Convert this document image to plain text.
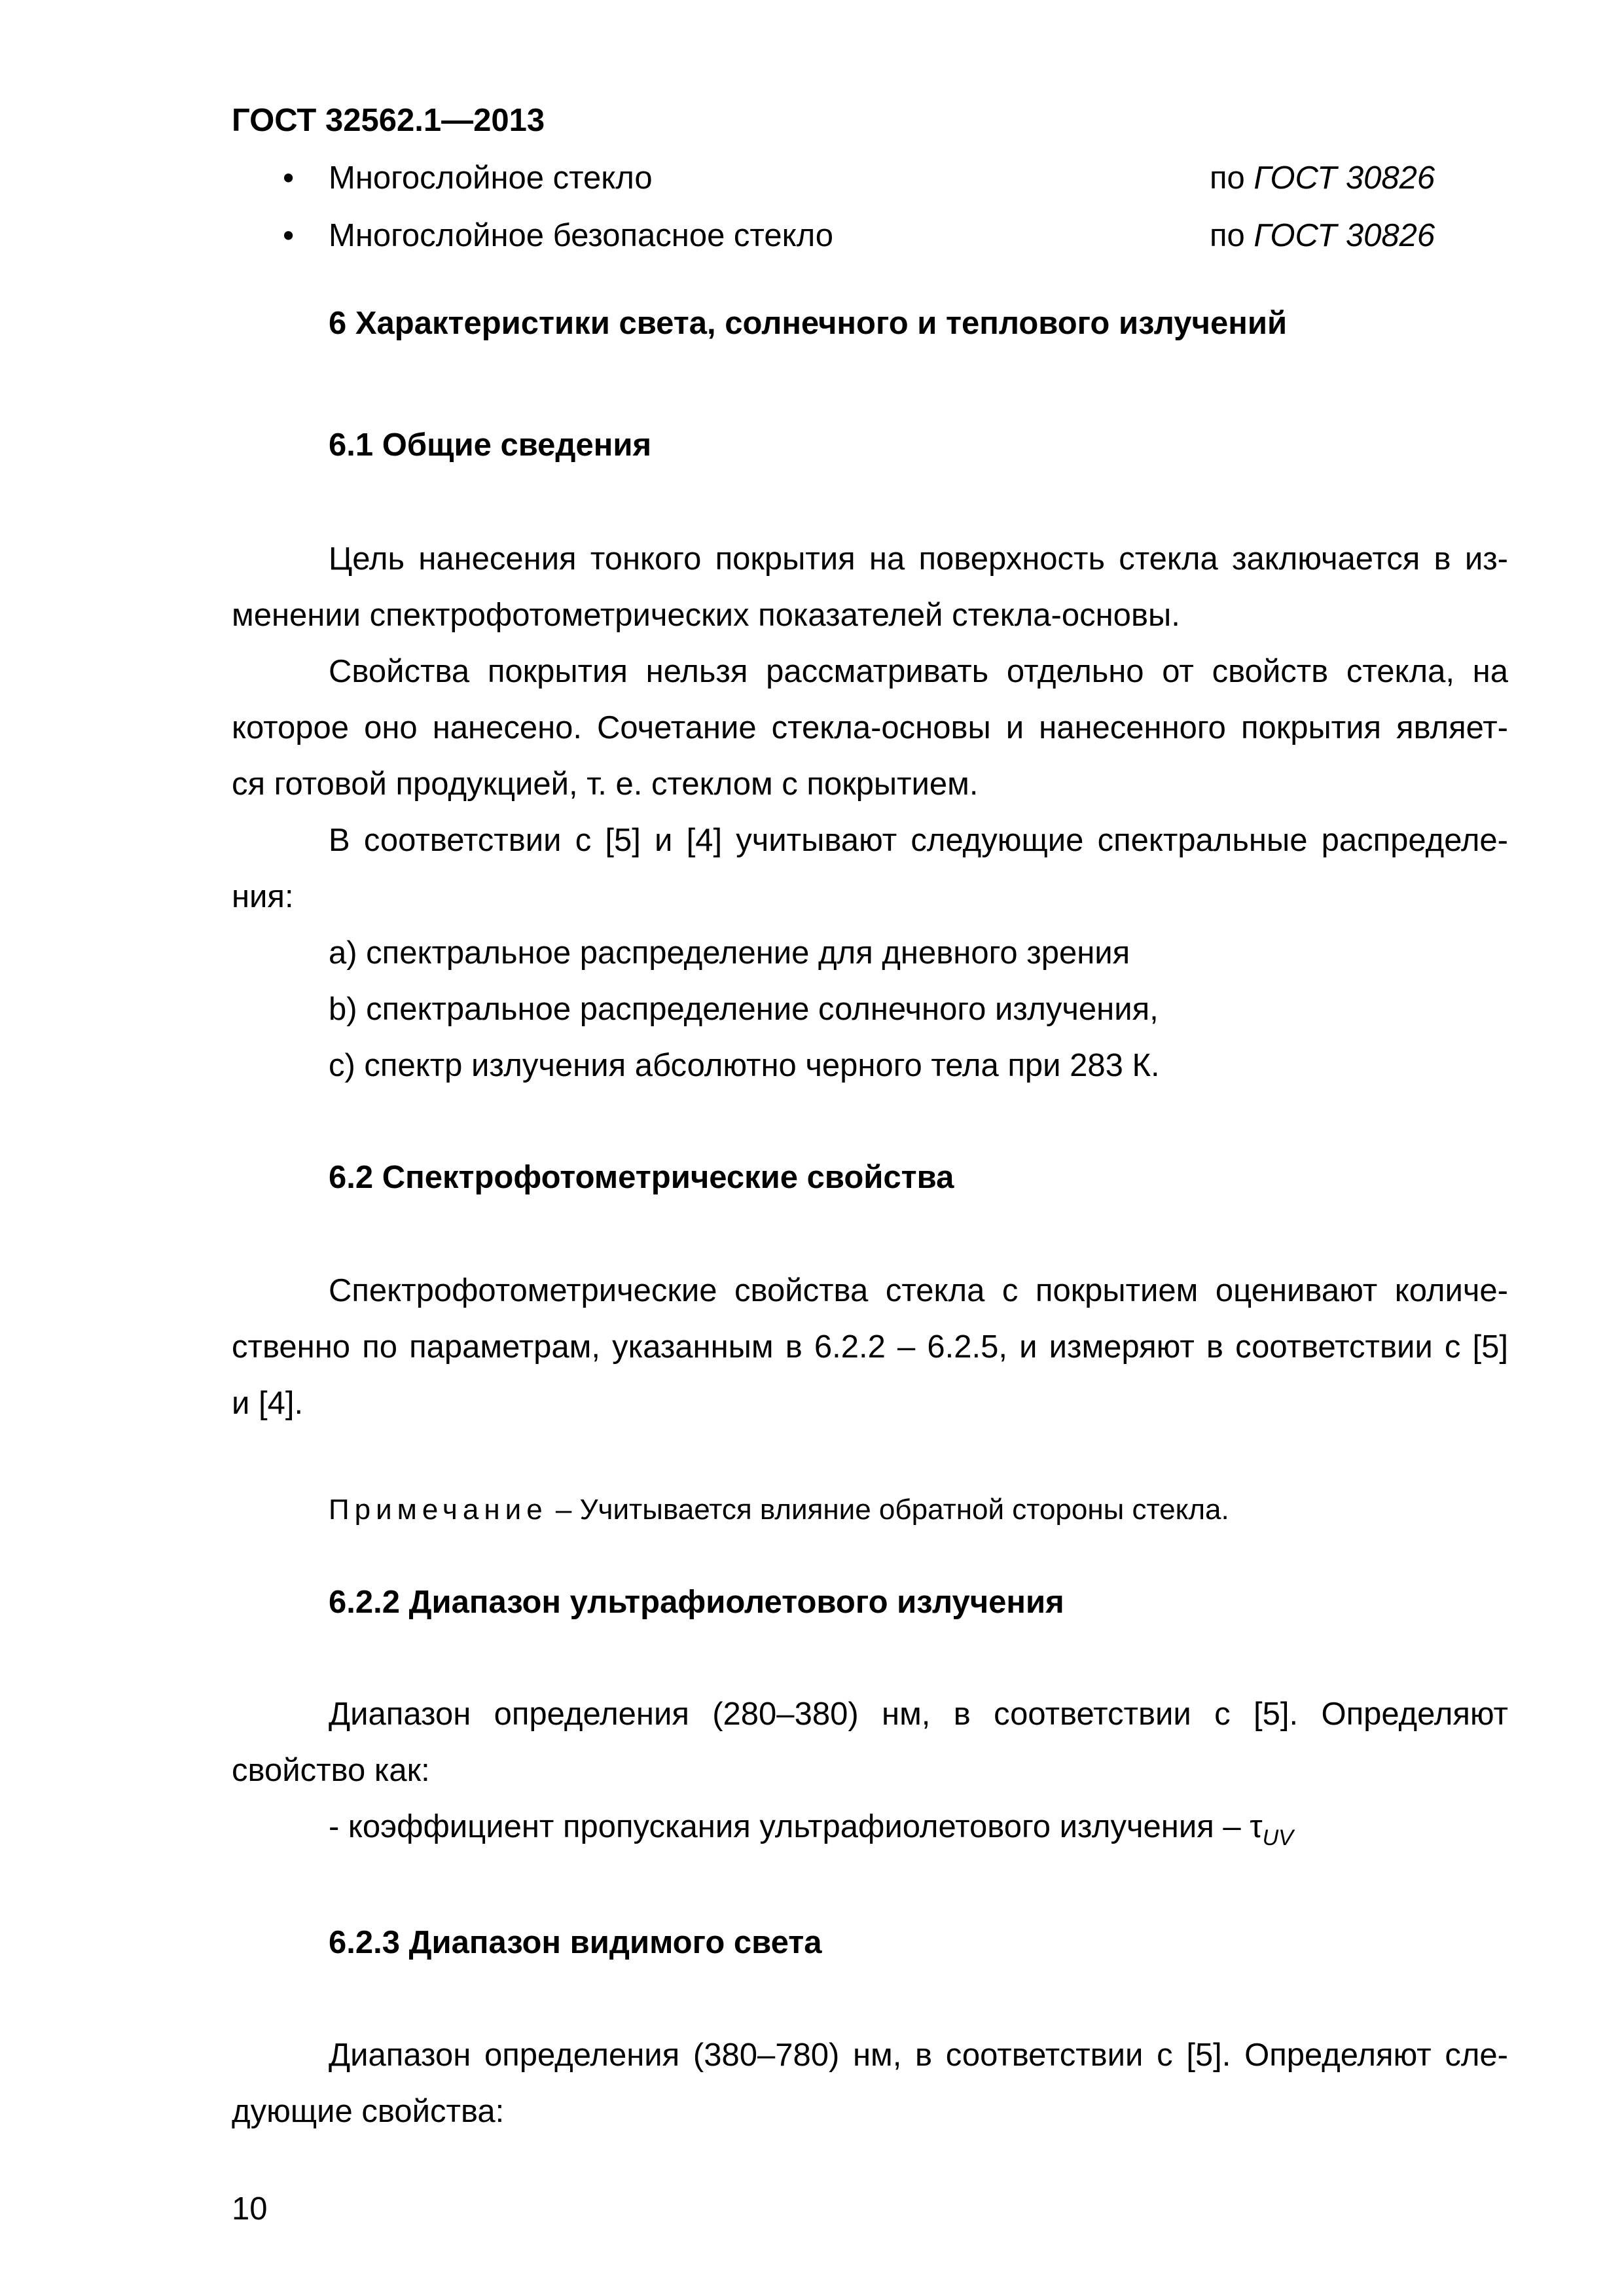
ГОСТ 32562.1—2013
• Многослойное стекло	по ГОСТ 30826
• Многослойное безопасное стекло	по ГОСТ 30826
6 Характеристики света, солнечного и теплового излучений
6.1 Общие сведения
Цель нанесения тонкого покрытия на поверхность стекла заключается в из-
менении спектрофотометрических показателей стекла-основы.
Свойства покрытия нельзя рассматривать отдельно от свойств стекла, на
которое оно нанесено. Сочетание стекла-основы и нанесенного покрытия являет-
ся готовой продукцией, т. е. стеклом с покрытием.
В соответствии с [5] и [4] учитывают следующие спектральные распределе-
ния:
а) спектральное распределение для дневного зрения
b) спектральное распределение солнечного излучения,
с) спектр излучения абсолютно черного тела при 283 К.
6.2 Спектрофотометрические свойства
Спектрофотометрические свойства стекла с покрытием оценивают количе-
ственно по параметрам, указанным в 6.2.2 – 6.2.5, и измеряют в соответствии с [5]
и [4].
Примечание – Учитывается влияние обратной стороны стекла.
6.2.2 Диапазон ультрафиолетового излучения
Диапазон определения (280–380) нм, в соответствии с [5]. Определяют
свойство как:
- коэффициент пропускания ультрафиолетового излучения – $\tau_{UV}$
6.2.3 Диапазон видимого света
Диапазон определения (380–780) нм, в соответствии с [5]. Определяют сле-
дующие свойства:
10
